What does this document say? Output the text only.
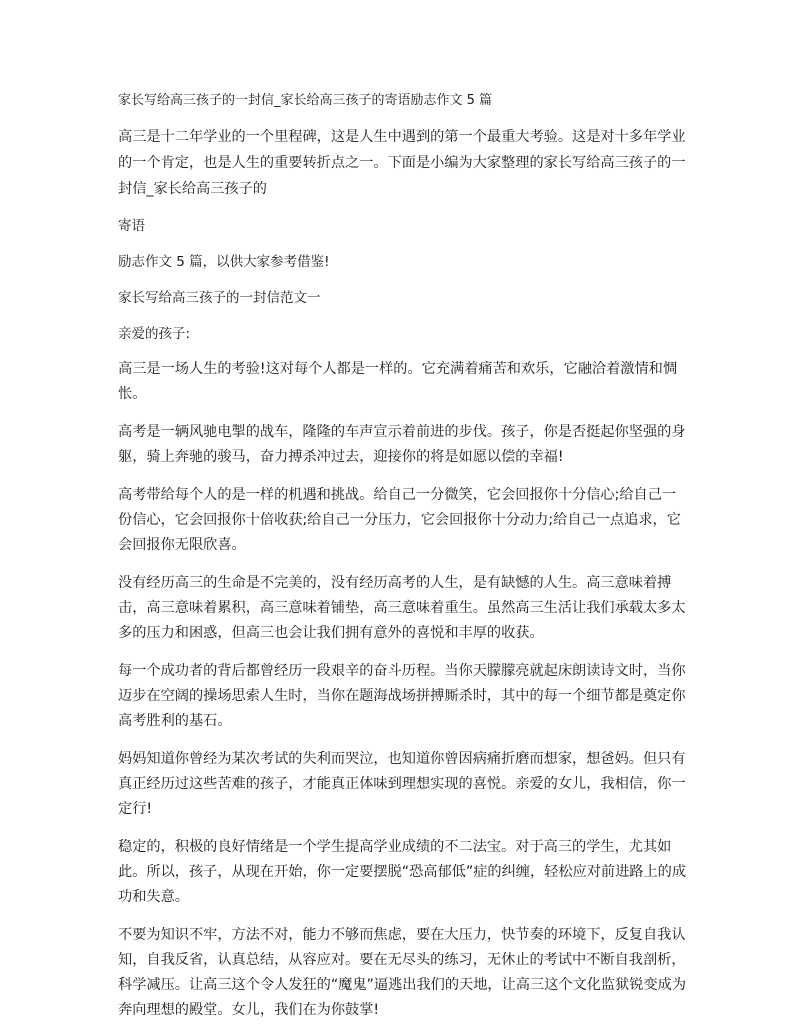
家长写给高三孩子的一封信_家长给高三孩子的寄语励志作文 5 篇
高三是十二年学业的一个里程碑，这是人生中遇到的第一个最重大考验。这是对十多年学业的一个肯定，也是人生的重要转折点之一。下面是小编为大家整理的家长写给高三孩子的一封信_家长给高三孩子的
寄语
励志作文 5 篇，以供大家参考借鉴!
家长写给高三孩子的一封信范文一
亲爱的孩子:
高三是一场人生的考验!这对每个人都是一样的。它充满着痛苦和欢乐，它融洽着激情和惆怅。
高考是一辆风驰电掣的战车，隆隆的车声宣示着前进的步伐。孩子，你是否挺起你坚强的身躯，骑上奔驰的骏马，奋力搏杀冲过去，迎接你的将是如愿以偿的幸福!
高考带给每个人的是一样的机遇和挑战。给自己一分微笑，它会回报你十分信心;给自己一份信心，它会回报你十倍收获;给自己一分压力，它会回报你十分动力;给自己一点追求，它会回报你无限欣喜。
没有经历高三的生命是不完美的，没有经历高考的人生，是有缺憾的人生。高三意味着搏击，高三意味着累积，高三意味着铺垫，高三意味着重生。虽然高三生活让我们承载太多太多的压力和困惑，但高三也会让我们拥有意外的喜悦和丰厚的收获。
每一个成功者的背后都曾经历一段艰辛的奋斗历程。当你天朦朦亮就起床朗读诗文时，当你迈步在空阔的操场思索人生时，当你在题海战场拼搏厮杀时，其中的每一个细节都是奠定你高考胜利的基石。
妈妈知道你曾经为某次考试的失利而哭泣，也知道你曾因病痛折磨而想家，想爸妈。但只有真正经历过这些苦难的孩子，才能真正体味到理想实现的喜悦。亲爱的女儿，我相信，你一定行!
稳定的，积极的良好情绪是一个学生提高学业成绩的不二法宝。对于高三的学生，尤其如此。所以，孩子，从现在开始，你一定要摆脱“恐高郁低”症的纠缠，轻松应对前进路上的成功和失意。
不要为知识不牢，方法不对，能力不够而焦虑，要在大压力，快节奏的环境下，反复自我认知，自我反省，认真总结，从容应对。要在无尽头的练习，无休止的考试中不断自我剖析，科学减压。让高三这个令人发狂的“魔鬼”逼逃出我们的天地，让高三这个文化监狱锐变成为奔向理想的殿堂。女儿，我们在为你鼓掌!
